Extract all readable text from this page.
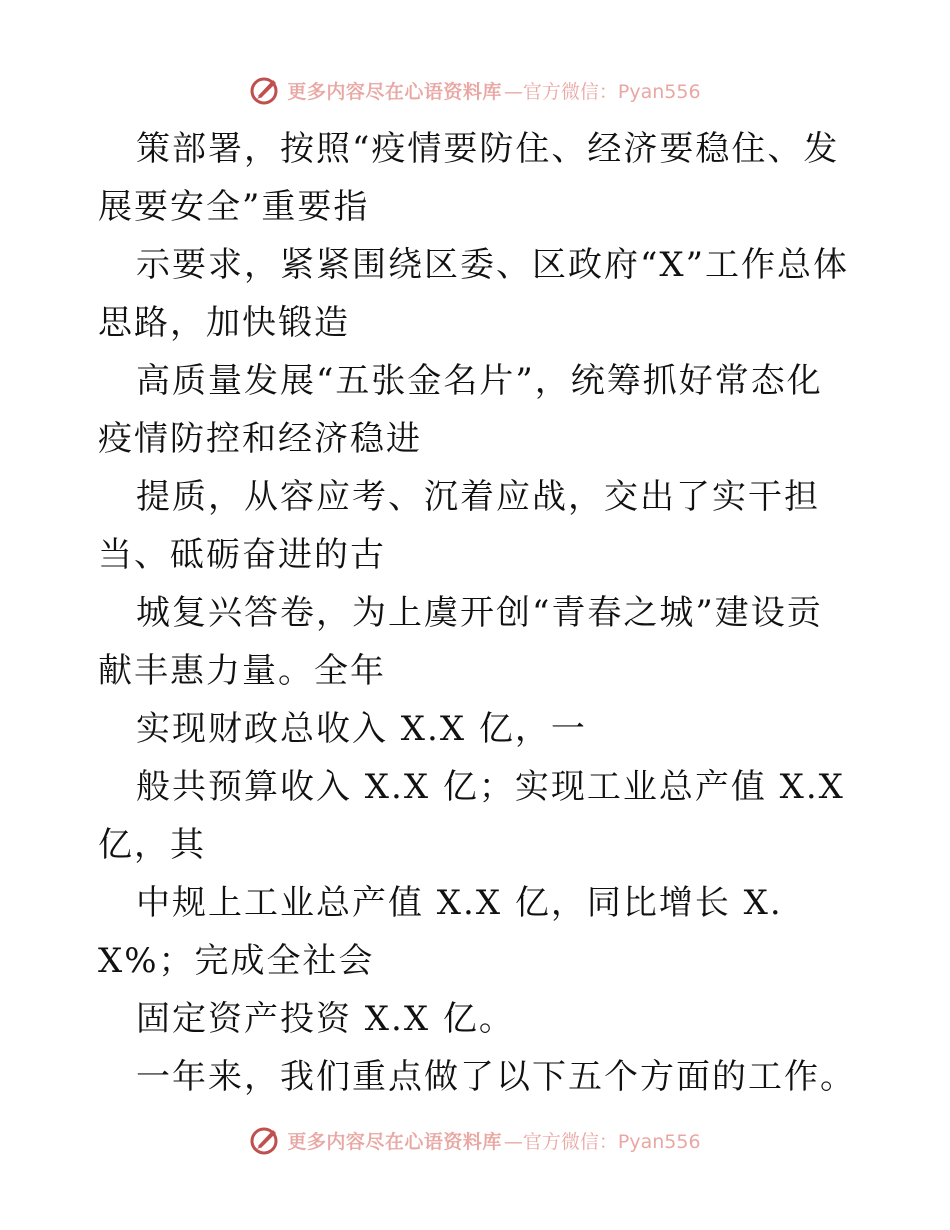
更多内容尽在心语资料库 —官方微信：Pyan556

策部署，按照“疫情要防住、经济要稳住、发展要安全”重要指

示要求，紧紧围绕区委、区政府“X”工作总体思路，加快锻造

高质量发展“五张金名片”，统筹抓好常态化疫情防控和经济稳进

提质，从容应考、沉着应战，交出了实干担当、砥砺奋进的古

城复兴答卷，为上虞开创“青春之城”建设贡献丰惠力量。全年

实现财政总收入 X.X 亿，一

般共预算收入 X.X 亿；实现工业总产值 X.X 亿，其

中规上工业总产值 X.X 亿，同比增长 X.X%；完成全社会

固定资产投资 X.X 亿。

一年来，我们重点做了以下五个方面的工作。

更多内容尽在心语资料库 —官方微信：Pyan556
